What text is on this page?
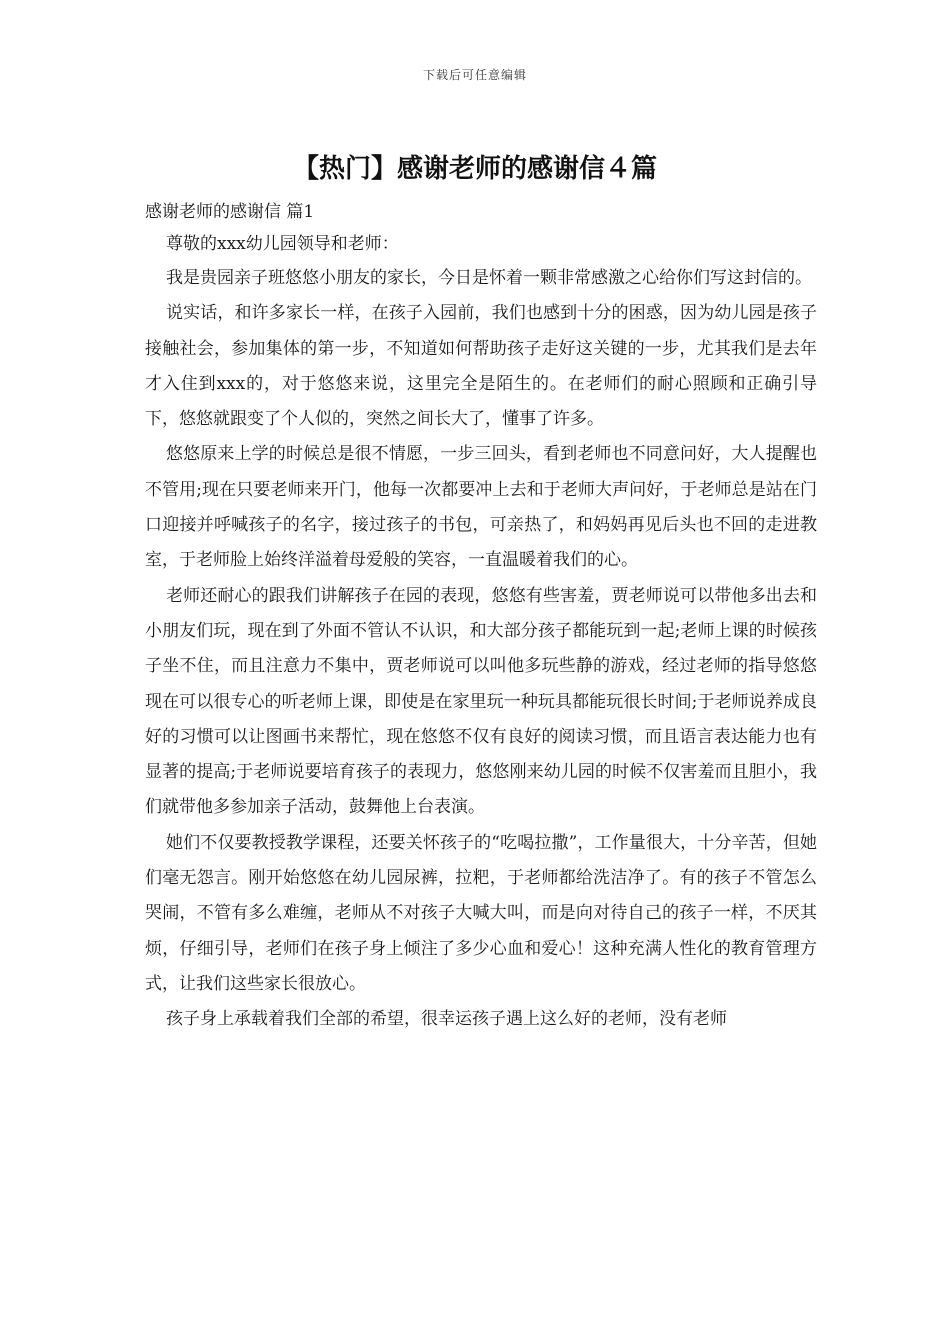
下载后可任意编辑
【热门】感谢老师的感谢信４篇
感谢老师的感谢信 篇1

尊敬的xxx幼儿园领导和老师：

我是贵园亲子班悠悠小朋友的家长，今日是怀着一颗非常感激之心给你们写这封信的。

说实话，和许多家长一样，在孩子入园前，我们也感到十分的困惑，因为幼儿园是孩子接触社会，参加集体的第一步，不知道如何帮助孩子走好这关键的一步，尤其我们是去年才入住到xxx的，对于悠悠来说，这里完全是陌生的。在老师们的耐心照顾和正确引导下，悠悠就跟变了个人似的，突然之间长大了，懂事了许多。

悠悠原来上学的时候总是很不情愿，一步三回头，看到老师也不同意问好，大人提醒也不管用;现在只要老师来开门，他每一次都要冲上去和于老师大声问好，于老师总是站在门口迎接并呼喊孩子的名字，接过孩子的书包，可亲热了，和妈妈再见后头也不回的走进教室，于老师脸上始终洋溢着母爱般的笑容，一直温暖着我们的心。

老师还耐心的跟我们讲解孩子在园的表现，悠悠有些害羞，贾老师说可以带他多出去和小朋友们玩，现在到了外面不管认不认识，和大部分孩子都能玩到一起;老师上课的时候孩子坐不住，而且注意力不集中，贾老师说可以叫他多玩些静的游戏，经过老师的指导悠悠现在可以很专心的听老师上课，即使是在家里玩一种玩具都能玩很长时间;于老师说养成良好的习惯可以让图画书来帮忙，现在悠悠不仅有良好的阅读习惯，而且语言表达能力也有显著的提高;于老师说要培育孩子的表现力，悠悠刚来幼儿园的时候不仅害羞而且胆小，我们就带他多参加亲子活动，鼓舞他上台表演。

她们不仅要教授教学课程，还要关怀孩子的“吃喝拉撒”，工作量很大，十分辛苦，但她们毫无怨言。刚开始悠悠在幼儿园尿裤，拉粑，于老师都给洗洁净了。有的孩子不管怎么哭闹，不管有多么难缠，老师从不对孩子大喊大叫，而是向对待自己的孩子一样，不厌其烦，仔细引导，老师们在孩子身上倾注了多少心血和爱心！这种充满人性化的教育管理方式，让我们这些家长很放心。

孩子身上承载着我们全部的希望，很幸运孩子遇上这么好的老师，没有老师
